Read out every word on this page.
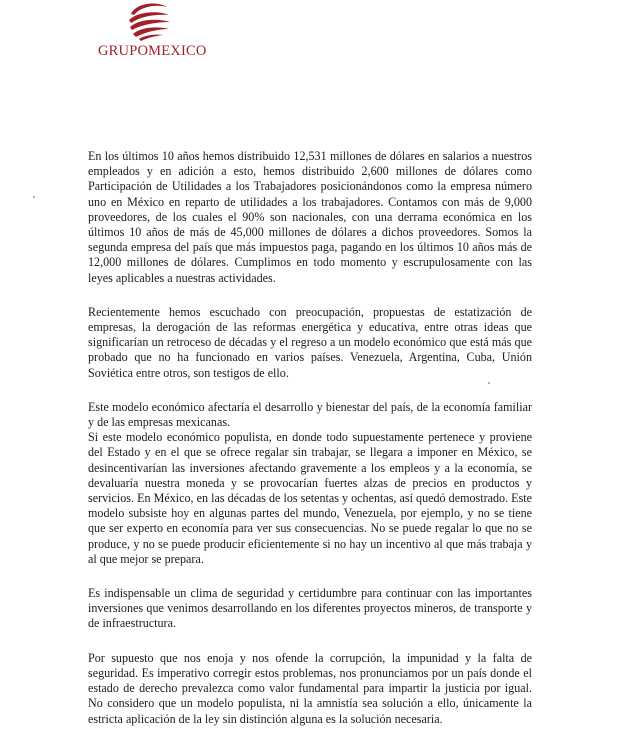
GRUPOMEXICO

En los últimos 10 años hemos distribuido 12,531 millones de dólares en salarios a nuestros empleados y en adición a esto, hemos distribuido 2,600 millones de dólares como Participación de Utilidades a los Trabajadores posicionándonos como la empresa número uno en México en reparto de utilidades a los trabajadores. Contamos con más de 9,000 proveedores, de los cuales el 90% son nacionales, con una derrama económica en los últimos 10 años de más de 45,000 millones de dólares a dichos proveedores. Somos la segunda empresa del país que más impuestos paga, pagando en los últimos 10 años más de 12,000 millones de dólares. Cumplimos en todo momento y escrupulosamente con las leyes aplicables a nuestras actividades.

Recientemente hemos escuchado con preocupación, propuestas de estatización de empresas, la derogación de las reformas energética y educativa, entre otras ideas que significarían un retroceso de décadas y el regreso a un modelo económico que está más que probado que no ha funcionado en varios países. Venezuela, Argentina, Cuba, Unión Soviética entre otros, son testigos de ello.

Este modelo económico afectaría el desarrollo y bienestar del país, de la economía familiar y de las empresas mexicanas.

Si este modelo económico populista, en donde todo supuestamente pertenece y proviene del Estado y en el que se ofrece regalar sin trabajar, se llegara a imponer en México, se desincentivarían las inversiones afectando gravemente a los empleos y a la economía, se devaluaría nuestra moneda y se provocarían fuertes alzas de precios en productos y servicios. En México, en las décadas de los setentas y ochentas, así quedó demostrado. Este modelo subsiste hoy en algunas partes del mundo, Venezuela, por ejemplo, y no se tiene que ser experto en economía para ver sus consecuencias. No se puede regalar lo que no se produce, y no se puede producir eficientemente si no hay un incentivo al que más trabaja y al que mejor se prepara.

Es indispensable un clima de seguridad y certidumbre para continuar con las importantes inversiones que venimos desarrollando en los diferentes proyectos mineros, de transporte y de infraestructura.

Por supuesto que nos enoja y nos ofende la corrupción, la impunidad y la falta de seguridad. Es imperativo corregir estos problemas, nos pronunciamos por un país donde el estado de derecho prevalezca como valor fundamental para impartir la justicia por igual. No considero que un modelo populista, ni la amnistía sea solución a ello, únicamente la estricta aplicación de la ley sin distinción alguna es la solución necesaria.
